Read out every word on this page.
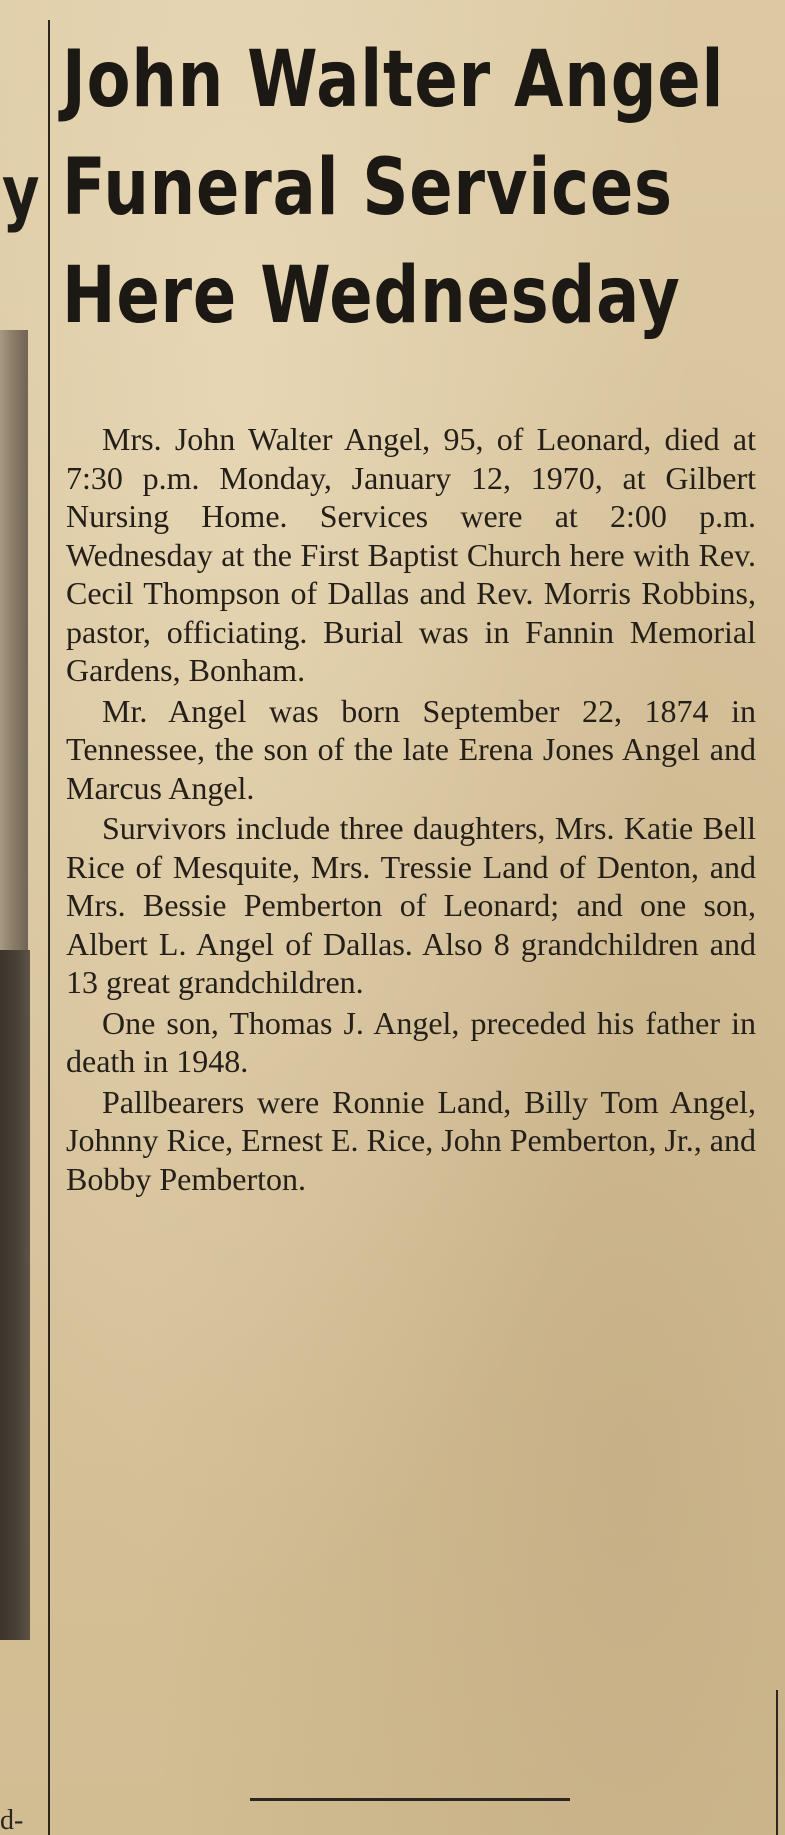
y
d-
John Walter Angel
Funeral Services
Here Wednesday

Mrs. John Walter Angel, 95, of Leonard, died at 7:30 p.m. Monday, January 12, 1970, at Gilbert Nursing Home. Services were at 2:00 p.m. Wednesday at the First Baptist Church here with Rev. Cecil Thompson of Dallas and Rev. Morris Robbins, pastor, officiating. Burial was in Fannin Memorial Gardens, Bonham.

Mr. Angel was born September 22, 1874 in Tennessee, the son of the late Erena Jones Angel and Marcus Angel.

Survivors include three daughters, Mrs. Katie Bell Rice of Mesquite, Mrs. Tressie Land of Denton, and Mrs. Bessie Pemberton of Leonard; and one son, Albert L. Angel of Dallas. Also 8 grandchildren and 13 great grandchildren.

One son, Thomas J. Angel, preceded his father in death in 1948.

Pallbearers were Ronnie Land, Billy Tom Angel, Johnny Rice, Ernest E. Rice, John Pemberton, Jr., and Bobby Pemberton.
